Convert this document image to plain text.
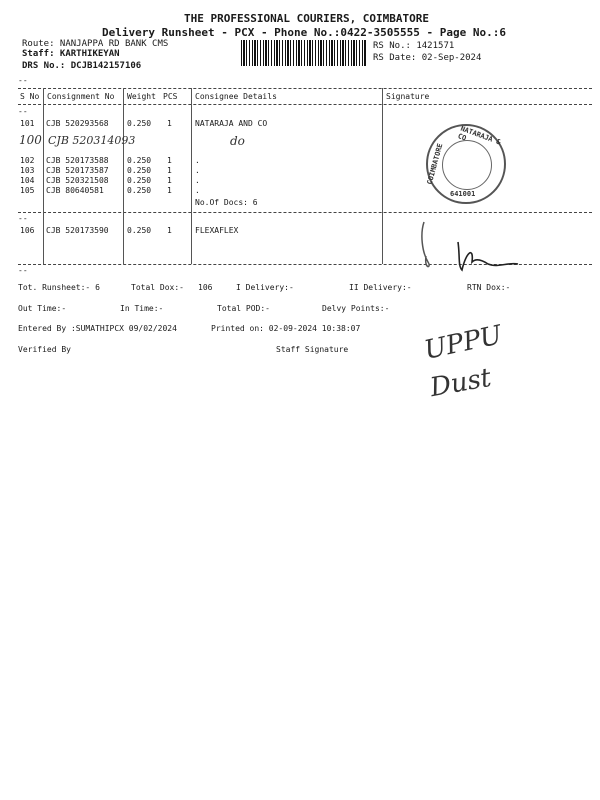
THE PROFESSIONAL COURIERS, COIMBATORE
Delivery Runsheet - PCX - Phone No.:0422-3505555 - Page No.:6
Route: NANJAPPA RD BANK CMS
Staff: KARTHIKEYAN
DRS No.: DCJB142157106
RS No.: 1421571
RS Date: 02-Sep-2024
--
S No Consignment No Weight PCS Consignee Details	Signature
--
101 CJB 520293568 0.250 1	NATARAJA AND CO
100 CJB 520314093	do
102 CJB 520173588 0.250 1	.
103 CJB 520173587 0.250 1	.
104 CJB 520321508 0.250 1	.
105 CJB 80640581	0.250 1	.
No.Of Docs: 6
--
106 CJB 520173590 0.250 1	FLEXAFLEX
--
NATARAJA & CO
641001
COIMBATORE
Tot. Runsheet:- 6	Total Dox:- 106	I Delivery:-	II Delivery:-	RTN Dox:-
Out Time:-	In Time:-	Total POD:-	Delvy Points:-
Entered By :SUMATHIPCX 09/02/2024	Printed on: 02-09-2024 10:38:07
Verified By	Staff Signature	UPPU
Dust
